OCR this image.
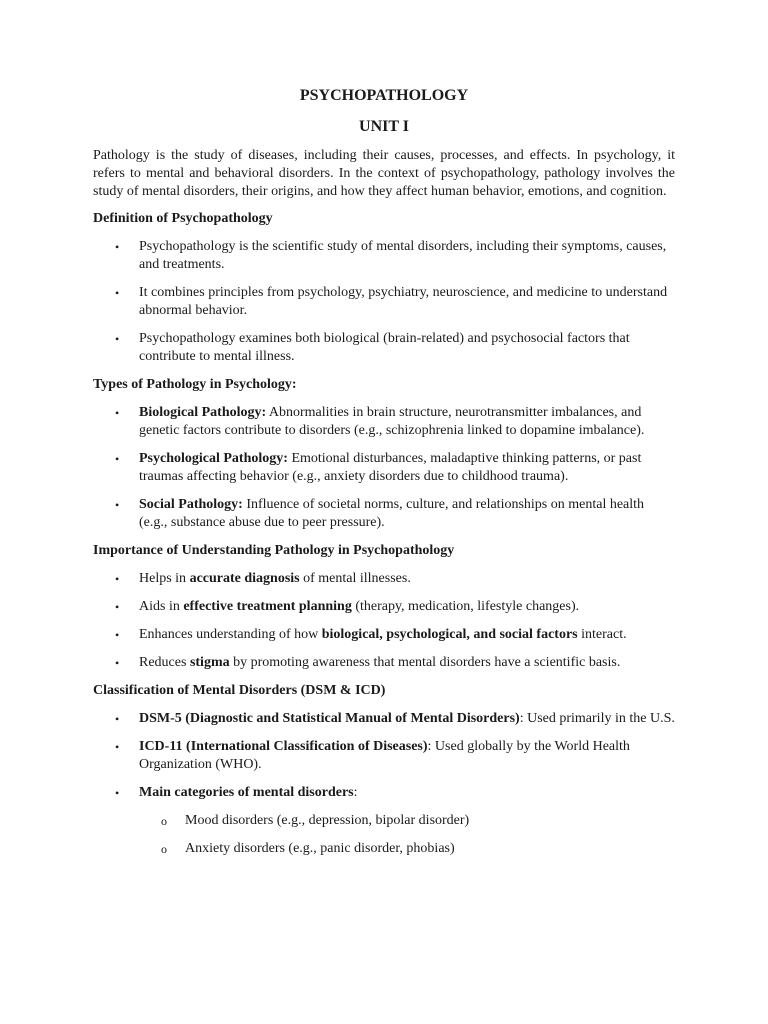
PSYCHOPATHOLOGY
UNIT I

Pathology is the study of diseases, including their causes, processes, and effects. In psychology, it refers to mental and behavioral disorders. In the context of psychopathology, pathology involves the study of mental disorders, their origins, and how they affect human behavior, emotions, and cognition.

Definition of Psychopathology
• Psychopathology is the scientific study of mental disorders, including their symptoms, causes, and treatments.
• It combines principles from psychology, psychiatry, neuroscience, and medicine to understand abnormal behavior.
• Psychopathology examines both biological (brain-related) and psychosocial factors that contribute to mental illness.
Types of Pathology in Psychology:
• Biological Pathology: Abnormalities in brain structure, neurotransmitter imbalances, and genetic factors contribute to disorders (e.g., schizophrenia linked to dopamine imbalance).
• Psychological Pathology: Emotional disturbances, maladaptive thinking patterns, or past traumas affecting behavior (e.g., anxiety disorders due to childhood trauma).
• Social Pathology: Influence of societal norms, culture, and relationships on mental health (e.g., substance abuse due to peer pressure).
Importance of Understanding Pathology in Psychopathology
• Helps in accurate diagnosis of mental illnesses.
• Aids in effective treatment planning (therapy, medication, lifestyle changes).
• Enhances understanding of how biological, psychological, and social factors interact.
• Reduces stigma by promoting awareness that mental disorders have a scientific basis.
Classification of Mental Disorders (DSM & ICD)
• DSM-5 (Diagnostic and Statistical Manual of Mental Disorders): Used primarily in the U.S.
• ICD-11 (International Classification of Diseases): Used globally by the World Health Organization (WHO).
• Main categories of mental disorders:
o Mood disorders (e.g., depression, bipolar disorder)
o Anxiety disorders (e.g., panic disorder, phobias)
